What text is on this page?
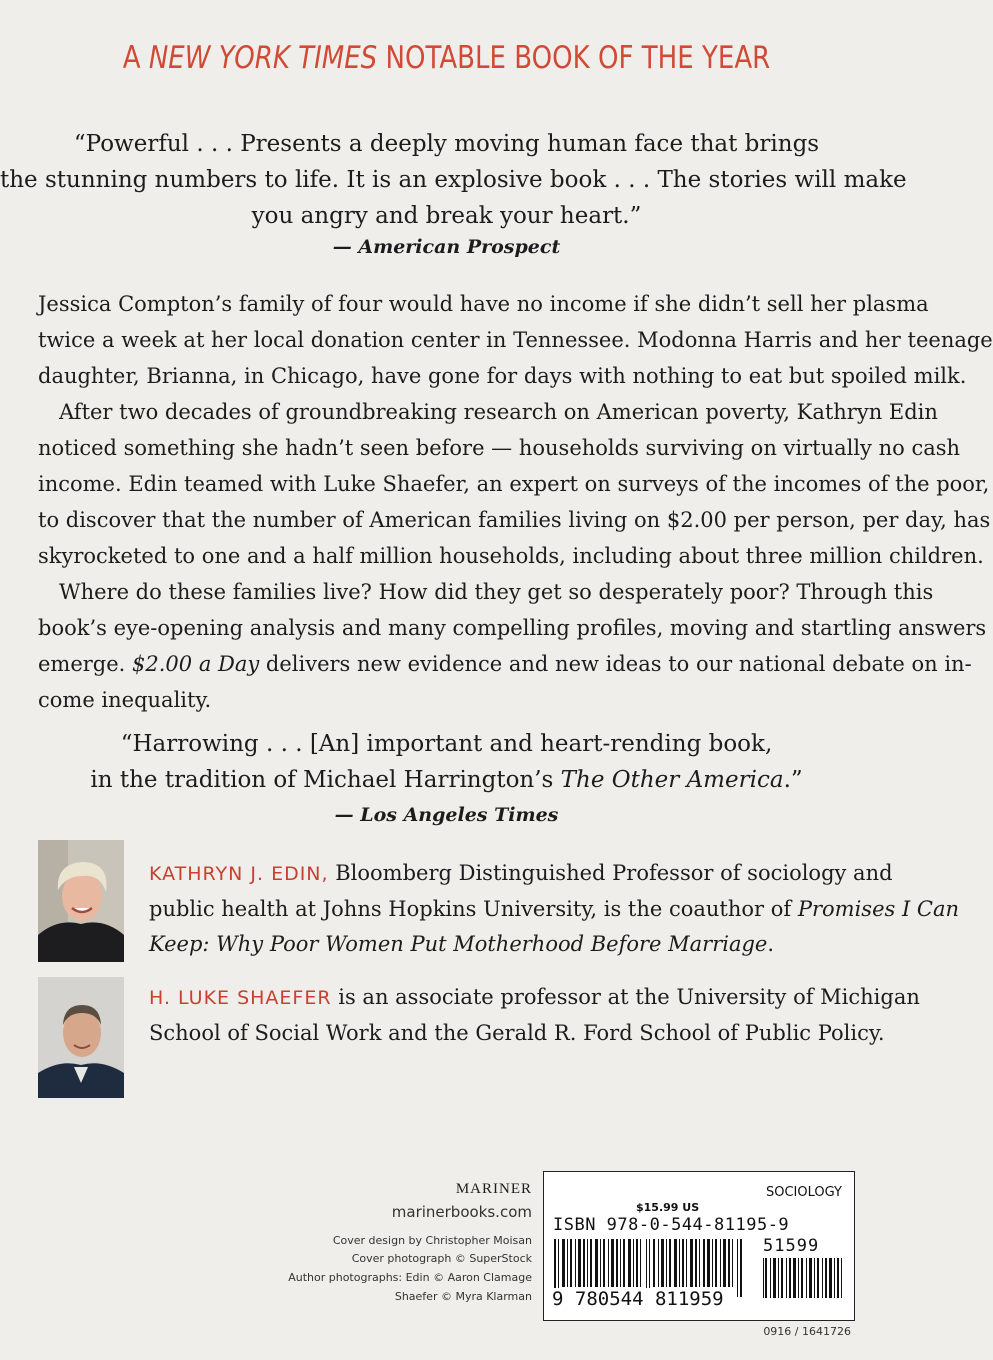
A NEW YORK TIMES NOTABLE BOOK OF THE YEAR
“Powerful . . . Presents a deeply moving human face that brings
the stunning numbers to life. It is an explosive book . . . The stories will make
you angry and break your heart.”
— American Prospect
Jessica Compton’s family of four would have no income if she didn’t sell her plasma
twice a week at her local donation center in Tennessee. Modonna Harris and her teenage
daughter, Brianna, in Chicago, have gone for days with nothing to eat but spoiled milk.
After two decades of groundbreaking research on American poverty, Kathryn Edin
noticed something she hadn’t seen before — households surviving on virtually no cash
income. Edin teamed with Luke Shaefer, an expert on surveys of the incomes of the poor,
to discover that the number of American families living on $2.00 per person, per day, has
skyrocketed to one and a half million households, including about three million children.
Where do these families live? How did they get so desperately poor? Through this
book’s eye-opening analysis and many compelling profiles, moving and startling answers
emerge. $2.00 a Day delivers new evidence and new ideas to our national debate on in-
come inequality.
“Harrowing . . . [An] important and heart-rending book,
in the tradition of Michael Harrington’s The Other America.”
— Los Angeles Times
KATHRYN J. EDIN, Bloomberg Distinguished Professor of sociology and
public health at Johns Hopkins University, is the coauthor of Promises I Can
Keep: Why Poor Women Put Motherhood Before Marriage.
H. LUKE SHAEFER is an associate professor at the University of Michigan
School of Social Work and the Gerald R. Ford School of Public Policy.
MARINER
marinerbooks.com
Cover design by Christopher Moisan
Cover photograph © SuperStock
Author photographs: Edin © Aaron Clamage
Shaefer © Myra Klarman
SOCIOLOGY
$15.99 US
ISBN 978-0-544-81195-9
51599
9 780544 811959
0916 / 1641726
